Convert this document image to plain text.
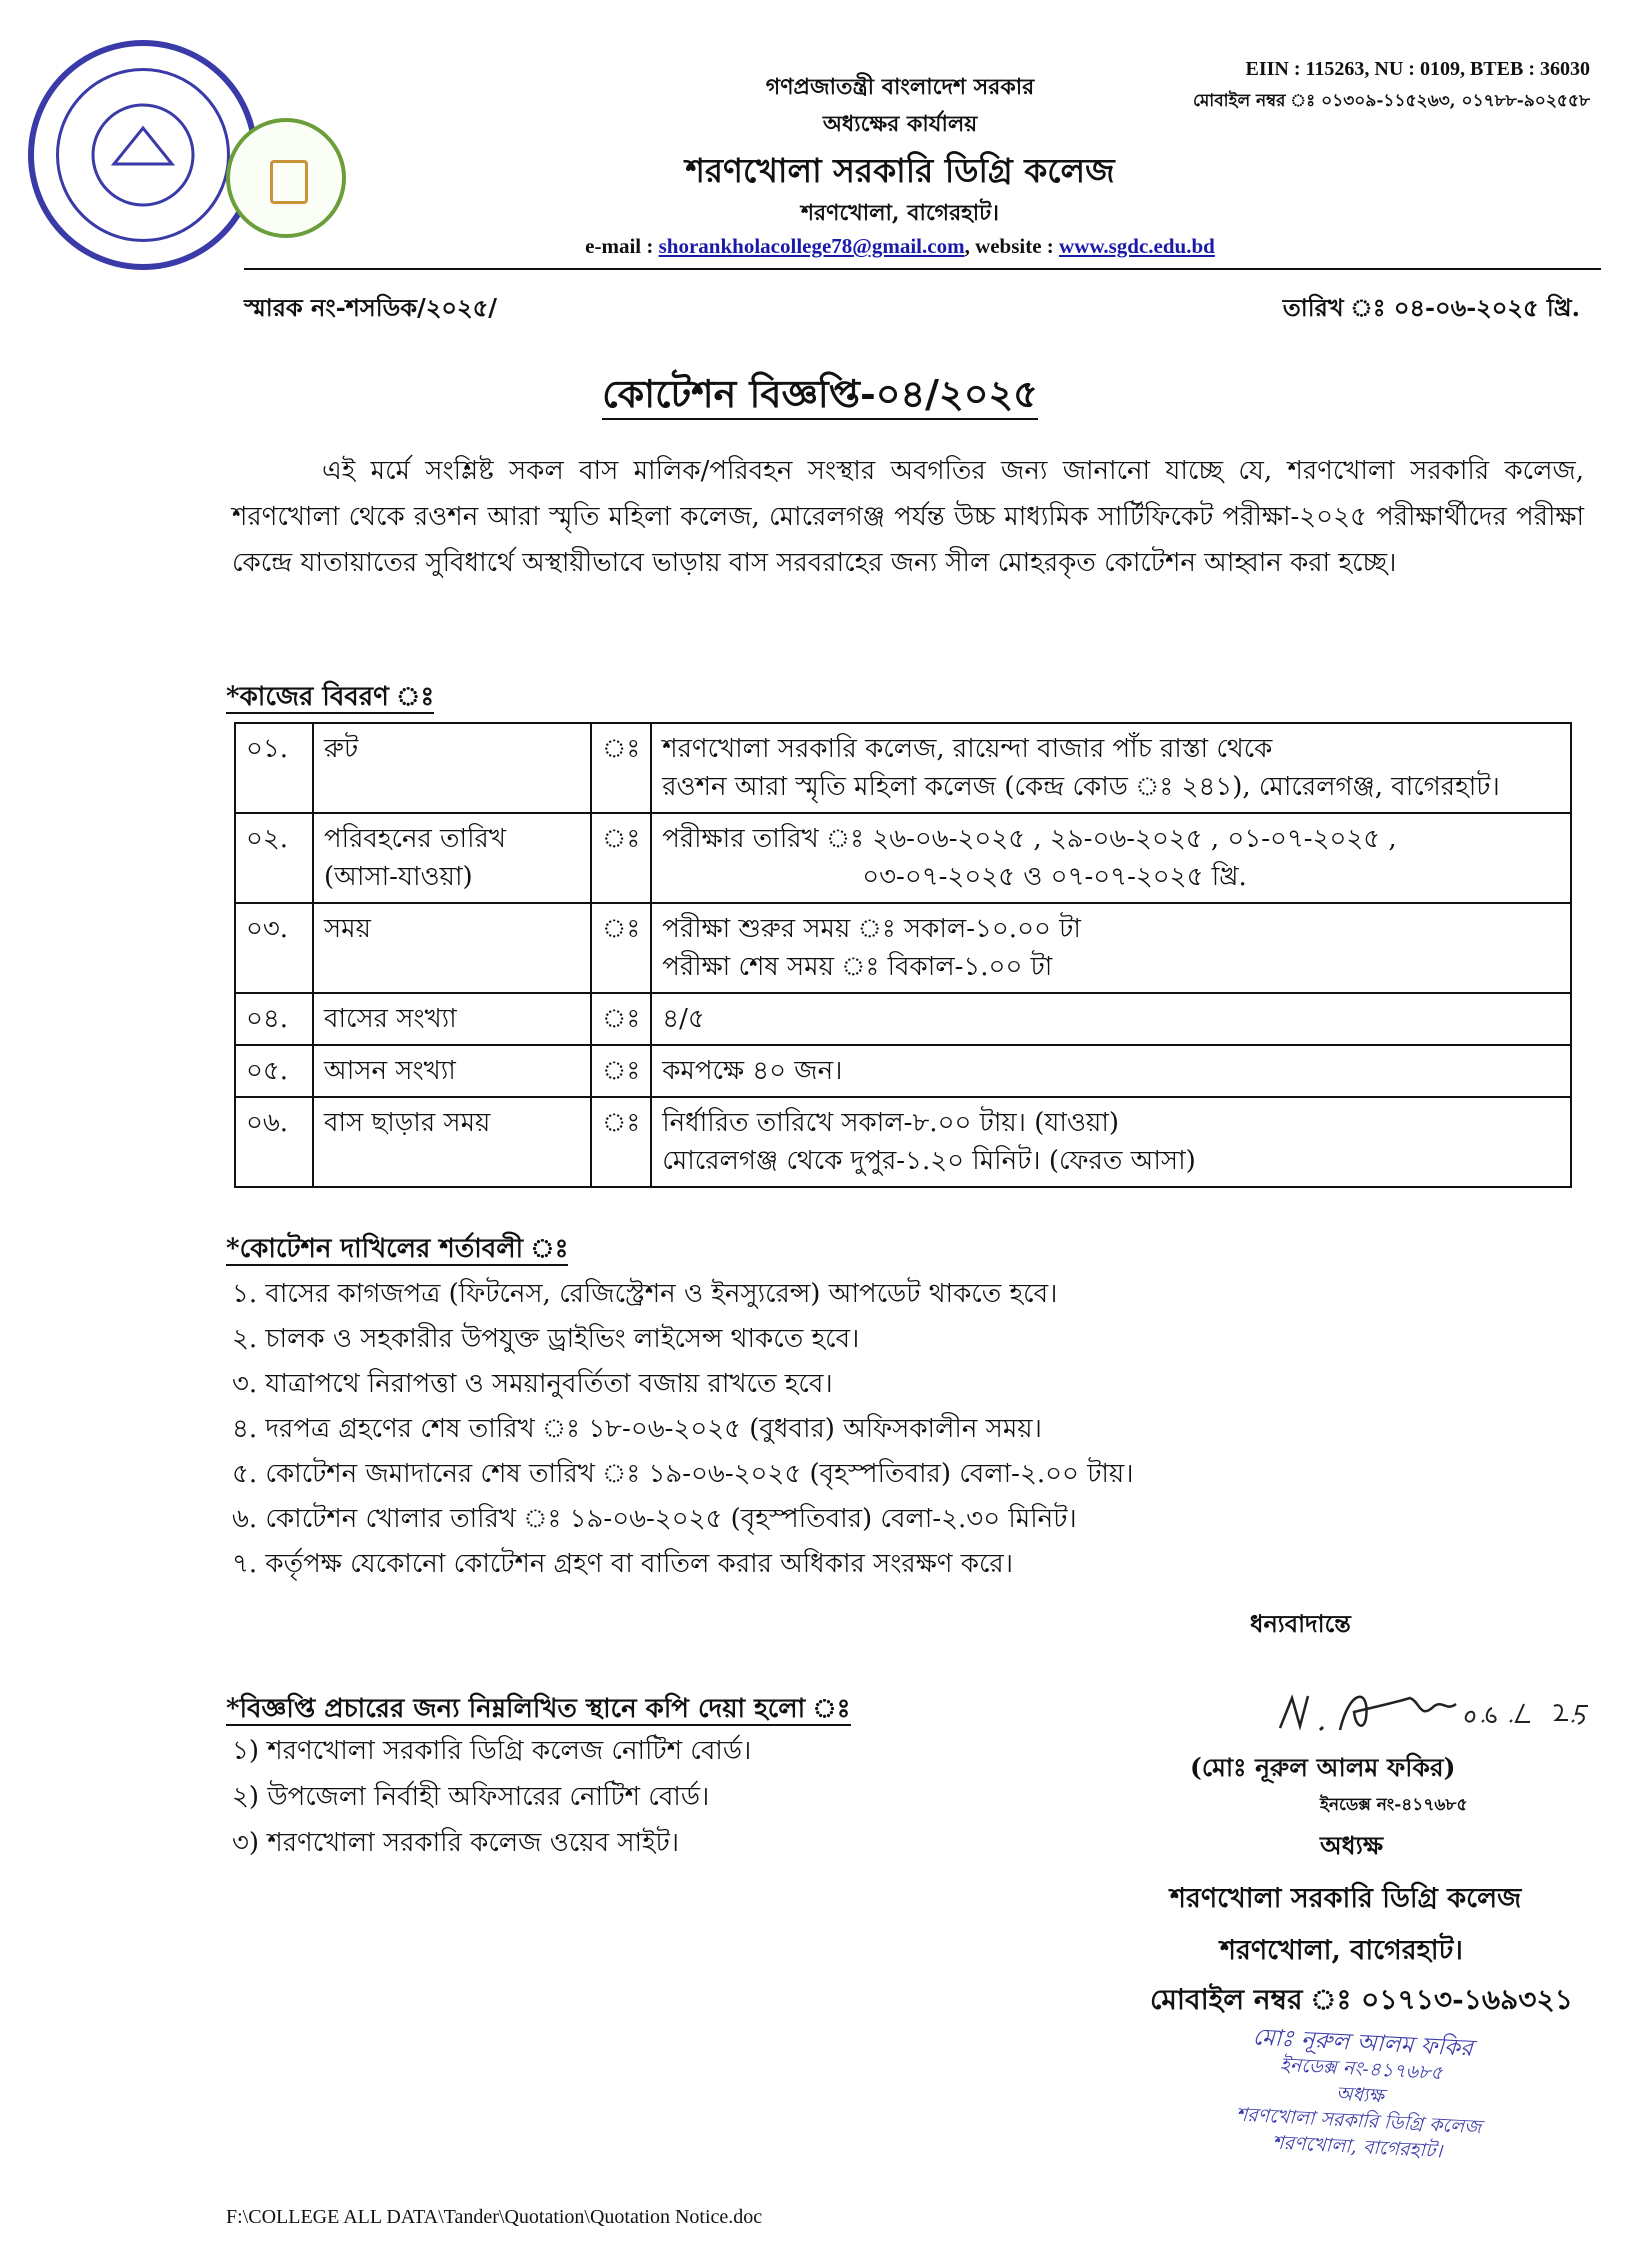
গণপ্রজাতন্ত্রী বাংলাদেশ সরকার
অধ্যক্ষের কার্যালয়
শরণখোলা সরকারি ডিগ্রি কলেজ
শরণখোলা, বাগেরহাট।
e-mail : shorankholacollege78@gmail.com, website : www.sgdc.edu.bd
EIIN : 115263, NU : 0109, BTEB : 36030
মোবাইল নম্বর ঃ ০১৩০৯-১১৫২৬৩, ০১৭৮৮-৯০২৫৫৮
স্মারক নং-শসডিক/২০২৫/	তারিখ ঃ ০৪-০৬-২০২৫ খ্রি.
কোটেশন বিজ্ঞপ্তি-০৪/২০২৫
এই মর্মে সংশ্লিষ্ট সকল বাস মালিক/পরিবহন সংস্থার অবগতির জন্য জানানো যাচ্ছে যে, শরণখোলা সরকারি কলেজ, শরণখোলা থেকে রওশন আরা স্মৃতি মহিলা কলেজ, মোরেলগঞ্জ পর্যন্ত উচ্চ মাধ্যমিক সার্টিফিকেট পরীক্ষা-২০২৫ পরীক্ষার্থীদের পরীক্ষা কেন্দ্রে যাতায়াতের সুবিধার্থে অস্থায়ীভাবে ভাড়ায় বাস সরবরাহের জন্য সীল মোহরকৃত কোটেশন আহ্বান করা হচ্ছে।
*কাজের বিবরণ ঃ
০১.	রুট	ঃ	শরণখোলা সরকারি কলেজ, রায়েন্দা বাজার পাঁচ রাস্তা থেকে
রওশন আরা স্মৃতি মহিলা কলেজ (কেন্দ্র কোড ঃ ২৪১), মোরেলগঞ্জ, বাগেরহাট।

০২.	পরিবহনের তারিখ (আসা-যাওয়া)	ঃ	পরীক্ষার তারিখ ঃ ২৬-০৬-২০২৫ , ২৯-০৬-২০২৫ , ০১-০৭-২০২৫ ,
০৩-০৭-২০২৫ ও ০৭-০৭-২০২৫ খ্রি.

০৩.	সময়	ঃ	পরীক্ষা শুরুর সময় ঃ সকাল-১০.০০ টা
পরীক্ষা শেষ সময় ঃ বিকাল-১.০০ টা

০৪.	বাসের সংখ্যা	ঃ	৪/৫

০৫.	আসন সংখ্যা	ঃ	কমপক্ষে ৪০ জন।

০৬.	বাস ছাড়ার সময়	ঃ	নির্ধারিত তারিখে সকাল-৮.০০ টায়। (যাওয়া)
মোরেলগঞ্জ থেকে দুপুর-১.২০ মিনিট। (ফেরত আসা)
*কোটেশন দাখিলের শর্তাবলী ঃ
১. বাসের কাগজপত্র (ফিটনেস, রেজিস্ট্রেশন ও ইনস্যুরেন্স) আপডেট থাকতে হবে।
২. চালক ও সহকারীর উপযুক্ত ড্রাইভিং লাইসেন্স থাকতে হবে।
৩. যাত্রাপথে নিরাপত্তা ও সময়ানুবর্তিতা বজায় রাখতে হবে।
৪. দরপত্র গ্রহণের শেষ তারিখ ঃ ১৮-০৬-২০২৫ (বুধবার) অফিসকালীন সময়।
৫. কোটেশন জমাদানের শেষ তারিখ ঃ ১৯-০৬-২০২৫ (বৃহস্পতিবার) বেলা-২.০০ টায়।
৬. কোটেশন খোলার তারিখ ঃ ১৯-০৬-২০২৫ (বৃহস্পতিবার) বেলা-২.৩০ মিনিট।
৭. কর্তৃপক্ষ যেকোনো কোটেশন গ্রহণ বা বাতিল করার অধিকার সংরক্ষণ করে।
*বিজ্ঞপ্তি প্রচারের জন্য নিম্নলিখিত স্থানে কপি দেয়া হলো ঃ
১) শরণখোলা সরকারি ডিগ্রি কলেজ নোটিশ বোর্ড।
২) উপজেলা নির্বাহী অফিসারের নোটিশ বোর্ড।
৩) শরণখোলা সরকারি কলেজ ওয়েব সাইট।
ধন্যবাদান্তে
(মোঃ নূরুল আলম ফকির)
ইনডেক্স নং-৪১৭৬৮৫
অধ্যক্ষ
শরণখোলা সরকারি ডিগ্রি কলেজ
শরণখোলা, বাগেরহাট।
মোবাইল নম্বর ঃ ০১৭১৩-১৬৯৩২১
মোঃ নূরুল আলম ফকির
ইনডেক্স নং-৪১৭৬৮৫
অধ্যক্ষ
শরণখোলা সরকারি ডিগ্রি কলেজ
শরণখোলা, বাগেরহাট।
F:\COLLEGE ALL DATA\Tander\Quotation\Quotation Notice.doc
